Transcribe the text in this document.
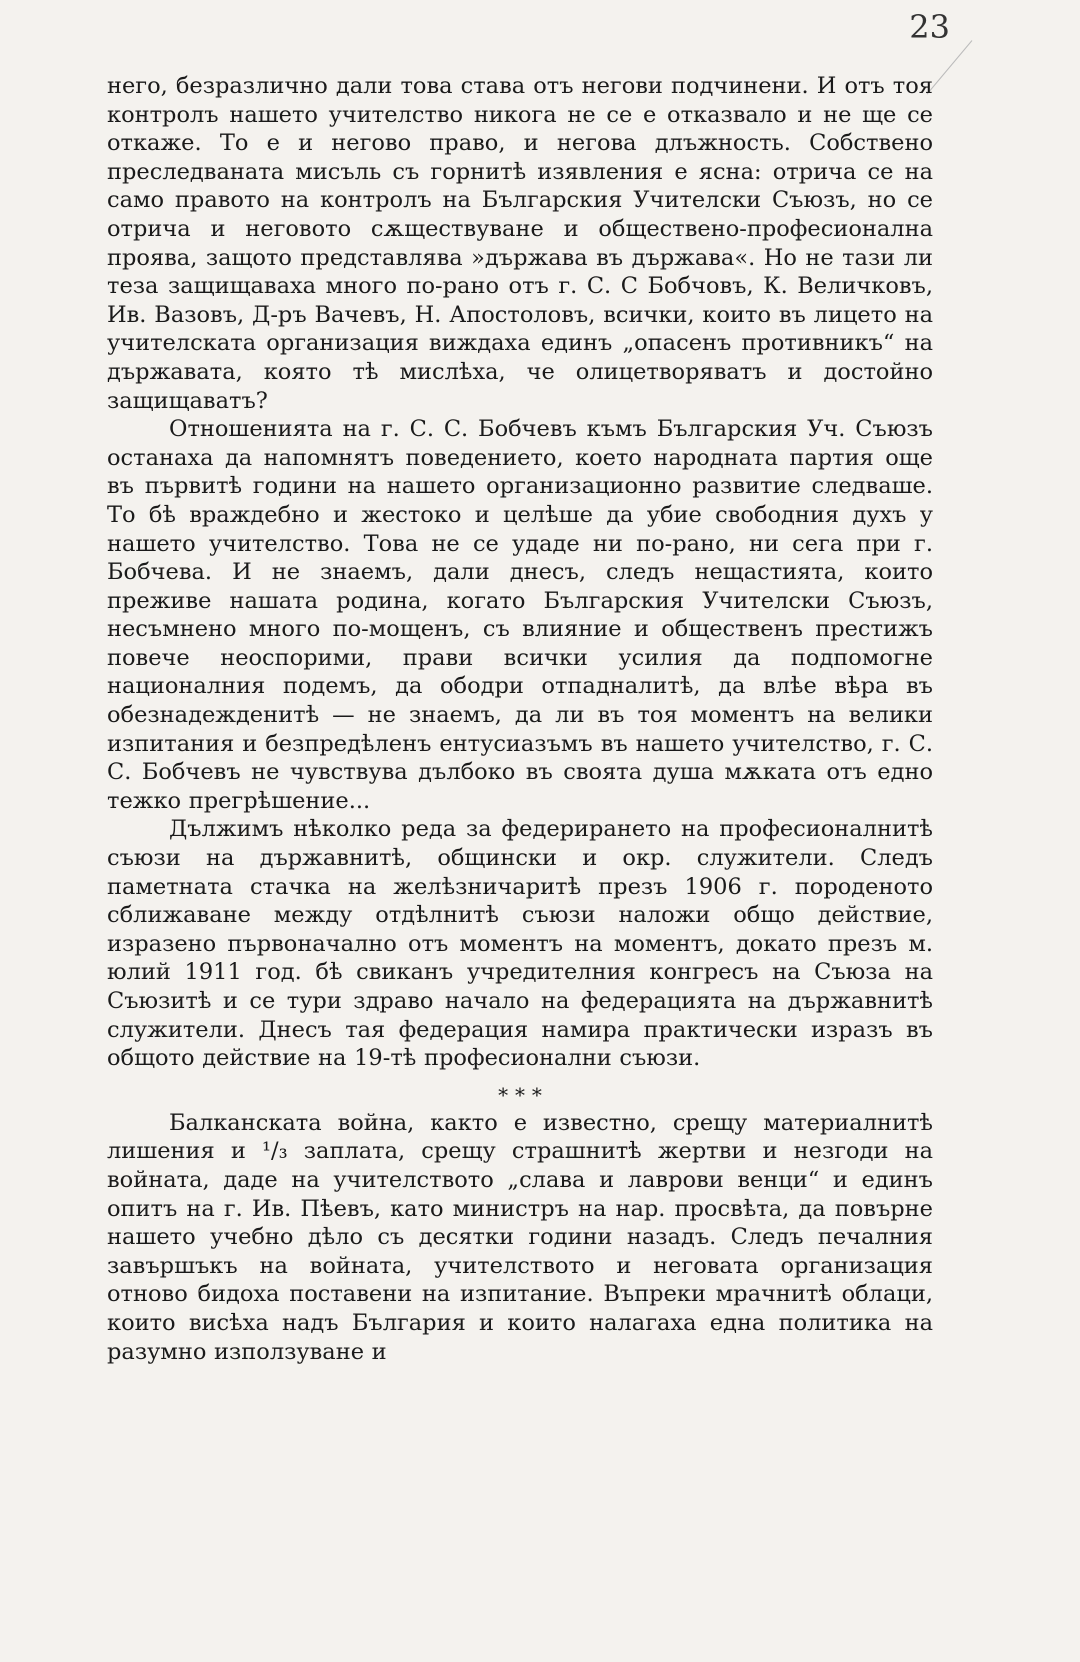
23

него, безразлично дали това става отъ негови подчинени. И отъ тоя контролъ нашето учителство никога не се е отказвало и не ще се откаже. То е и негово право, и негова длъжность. Собствено преследваната мисъль съ горнитѣ изявления е ясна: отрича се на само правото на контролъ на Българския Учителски Съюзъ, но се отрича и неговото сѫществуване и обществено-професионална проява, защото представлява »държава въ държава«. Но не тази ли теза защищаваха много по-рано отъ г. С. С Бобчовъ, К. Величковъ, Ив. Вазовъ, Д-ръ Вачевъ, Н. Апостоловъ, всички, които въ лицето на учителската организация виждаха единъ „опасенъ противникъ“ на държавата, която тѣ мислѣха, че олицетворяватъ и достойно защищаватъ?

Отношенията на г. С. С. Бобчевъ къмъ Българския Уч. Съюзъ останаха да напомнятъ поведението, което народната партия още въ първитѣ години на нашето организационно развитие следваше. То бѣ враждебно и жестоко и целѣше да убие свободния духъ у нашето учителство. Това не се удаде ни по-рано, ни сега при г. Бобчева. И не знаемъ, дали днесъ, следъ нещастията, които преживе нашата родина, когато Българския Учителски Съюзъ, несъмнено много по-мощенъ, съ влияние и общественъ престижъ повече неоспорими, прави всички усилия да подпомогне националния подемъ, да ободри отпадналитѣ, да влѣе вѣра въ обезнадежденитѣ — не знаемъ, да ли въ тоя моментъ на велики изпитания и безпредѣленъ ентусиазъмъ въ нашето учителство, г. С. С. Бобчевъ не чувствува дълбоко въ своята душа мѫката отъ едно тежко прегрѣшение...

Дължимъ нѣколко реда за федерирането на професионалнитѣ съюзи на държавнитѣ, общински и окр. служители. Следъ паметната стачка на желѣзничаритѣ презъ 1906 г. породеното сближаване между отдѣлнитѣ съюзи наложи общо действие, изразено първоначално отъ моментъ на моментъ, докато презъ м. юлий 1911 год. бѣ свиканъ учредителния конгресъ на Съюза на Съюзитѣ и се тури здраво начало на федерацията на държавнитѣ служители. Днесъ тая федерация намира практически изразъ въ общото действие на 19-тѣ професионални съюзи.

* * *

Балканската война, както е известно, срещу материалнитѣ лишения и ¹/₃ заплата, срещу страшнитѣ жертви и незгоди на войната, даде на учителството „слава и лаврови венци“ и единъ опитъ на г. Ив. Пѣевъ, като министръ на нар. просвѣта, да повърне нашето учебно дѣло съ десятки години назадъ. Следъ печалния завършъкъ на войната, учителството и неговата организация отново бидоха поставени на изпитание. Въпреки мрачнитѣ облаци, които висѣха надъ България и които налагаха една политика на разумно използуване и
